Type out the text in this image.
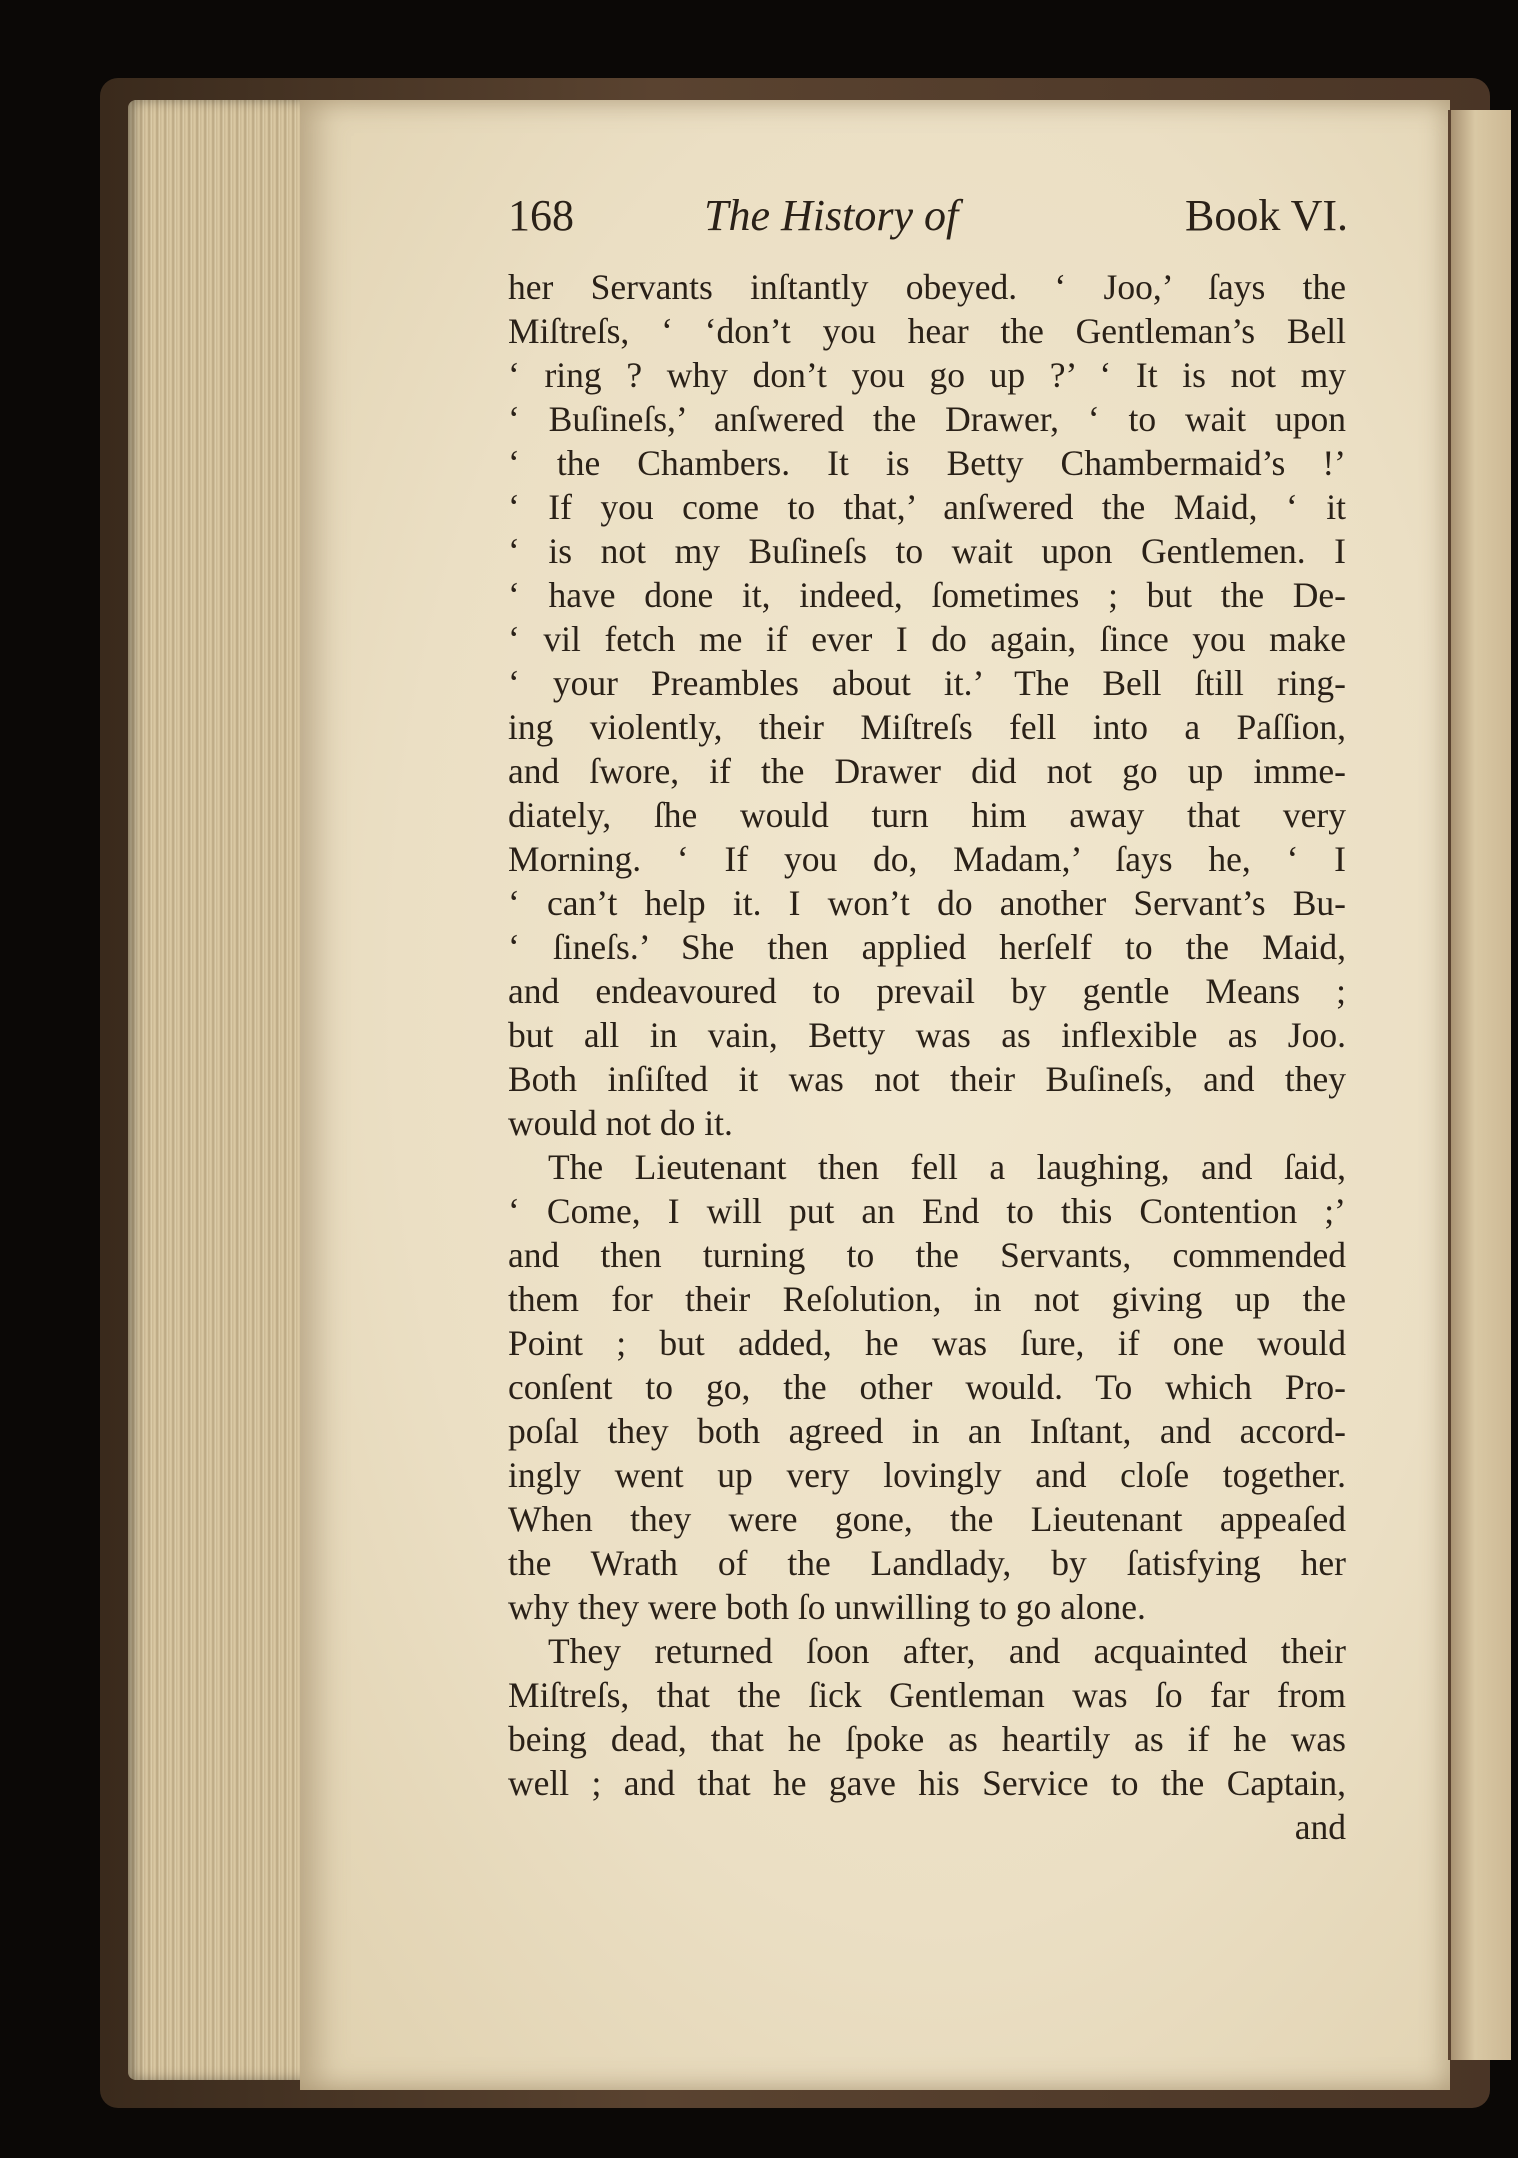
168	The History of	Book VI.
her Servants inſtantly obeyed. ‘ Joo,’ ſays the
Miſtreſs, ‘ ‘don’t you hear the Gentleman’s Bell
‘ ring ? why don’t you go up ?’ ‘ It is not my
‘ Buſineſs,’ anſwered the Drawer, ‘ to wait upon
‘ the Chambers. It is Betty Chambermaid’s !’
‘ If you come to that,’ anſwered the Maid, ‘ it
‘ is not my Buſineſs to wait upon Gentlemen. I
‘ have done it, indeed, ſometimes ; but the De-
‘ vil fetch me if ever I do again, ſince you make
‘ your Preambles about it.’ The Bell ſtill ring-
ing violently, their Miſtreſs fell into a Paſſion,
and ſwore, if the Drawer did not go up imme-
diately, ſhe would turn him away that very
Morning. ‘ If you do, Madam,’ ſays he, ‘ I
‘ can’t help it. I won’t do another Servant’s Bu-
‘ ſineſs.’ She then applied herſelf to the Maid,
and endeavoured to prevail by gentle Means ;
but all in vain, Betty was as inflexible as Joo.
Both inſiſted it was not their Buſineſs, and they
would not do it.
The Lieutenant then fell a laughing, and ſaid,
‘ Come, I will put an End to this Contention ;’
and then turning to the Servants, commended
them for their Reſolution, in not giving up the
Point ; but added, he was ſure, if one would
conſent to go, the other would. To which Pro-
poſal they both agreed in an Inſtant, and accord-
ingly went up very lovingly and cloſe together.
When they were gone, the Lieutenant appeaſed
the Wrath of the Landlady, by ſatisfying her
why they were both ſo unwilling to go alone.
They returned ſoon after, and acquainted their
Miſtreſs, that the ſick Gentleman was ſo far from
being dead, that he ſpoke as heartily as if he was
well ; and that he gave his Service to the Captain,
and
